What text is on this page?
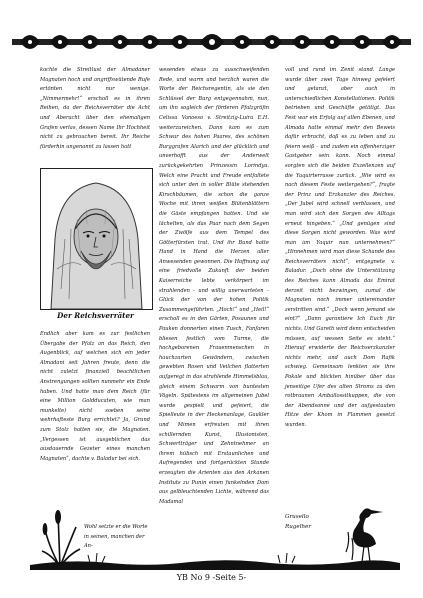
kochte die Streitlust der Almadaner Magnaten hoch und angriffswütende Rufe ertönten nicht nur wenige. „Nimmermehr!“ erscholl es in ihren Reihen, da der Reichsverräter die Acht und Aberacht über den ehemaligen Grafen verlas, dessen Name Ihr Hochheit nicht zu gebrauchen bereit. Ihr Reiche fürderhin ungenannt zu lassen hatt

Der Reichsverräter

Endlich aber kam es zur festlichen Übergabe der Pfalz an das Reich, den Augenblick, auf welchen sich ein jeder Almadani seit Jahren freute, denn die nicht zuletzt finanziell beachtlichen Anstrengungen sollten nunmehr ein Ende haben. Und hatte man dem Reich (für eine Million Goldducaten, wie man munkelte) nicht soeben seine wehrhafteste Burg errichtet? Ja, Grund zum Stolz hatten sie, die Magnaten. „Vergessen ist ausgeblichen das ausdauernde Gezeter eines manchen Magnaten“, dachte v. Baladur bei sich.

Wohl setzte er die Worte in seinen, manchen der An-

wesenden etwas zu ausschweifenden Rede, und warm und herzlich waren die Worte der Reichsregentin, als sie den Schlüssel der Burg entgegennahm, nun, um ihn sogleich der förderen Pfalzgräfin Celissa Vanoeso v. Streitzig-Luira E.H. weiterzureichen. Dann kam es zum Schwur des hohen Paares, des schönen Burggrafen Alarich und der glücklich und unverhofft aus der Anderwelt zurückgekehrten Prinzessin Lorindya. Welch eine Pracht und Freude entfaltete sich unter den in voller Blüte stehenden Kirschbäumen, die schon die ganze Woche mit ihren weißen Blütenblättern die Gäste empfangen hatten. Und sie lächelten, als das Paar nach dem Segen der Zwölfe aus dem Tempel des Götterfürsten trat. Und ihr Bund hatte Hand in Hand die Herzen aller Anwesenden gewonnen. Die Hoffnung auf eine friedvolle Zukunft der beiden Kaiserreiche lebte verkörpert im strahlenden – und willig unerwarteten – Glück der von der hohen Politik Zusammengeführten. „Hoch!“ und „Heil!“ erscholl es in den Gärten, Posaunen und Pauken donnerten einen Tusch, Fanfaren bliesen festlich vom Turme, die hochgeborenen Frauenmenschen in hauchzarten Gewändern, zwischen gewebten Rosen und Veilchen flatterten aufgeregt in das strahlende Himmelsblau, gleich einem Schwarm von buntesten Vögeln. Spätestens im allgemeinen Jubel wurde gespielt und gefeiert, die Spielleute in der Heckenanlage, Gaukler und Mimen erfreuten mit ihren schillernden Kunst, Illusionisten, Schwertträger und Zehntnehmer an ihrem hübsch mit Erstaunlichen und Aufregenden und fortgerückten Stunde erzeugten die Arienten aus den Arkanen Instituts zu Punin einen funkelnden Dom aus gelbleuchtenden Lichte, während das Madamal

voll und rund im Zenit stand. Lange wurde über zwei Tage hinweg gefeiert und getanzt, aber auch in unterschiedlichen Konstellationen. Politik betrieben und Geschäfte getätigt. Das Fest war ein Erfolg auf allen Ebenen, und Almada hatte einmal mehr den Beweis dafür erbracht, daß es zu leben und zu feiern weiß – und zudem ein offenherziger Gastgeber sein kann. Noch einmal sorgten sich die beiden Exzellenzen auf die Yaquirterrasse zurück. „Wie wird es nach diesem Feste weitergehen?“, fragte der Prinz und Erzkanzler des Reiches. „Der Jubel wird schnell verblassen, und man wird sich den Sorgen des Alltags erneut hingeben.“ „Und genügen sind diese Sorgen nicht geworden. Was wird man am Yaquir nun unternehmen?“ „Hinnehmen wird man diese Schande des Reichsverräters nicht“, entgegnete v. Baladur. „Doch ohne die Unterstützung des Reiches kann Almada das Emirat derzeit nicht bezwingen, zumal die Magnaten noch immer untereinander zerstritten sind.“ „Doch wenn jemand sie eint?“ „Dann garantiere Ich Euch für nichts. Und Gareth wird denn entscheiden müssen, auf wessen Seite es steht.“ Hierauf erwiderte der Reichserzkanzler nichts mehr, und auch Dom Rafik schwieg. Gemeinsam lenkten sie ihre Pokale und blickten hinüber über das jenseitige Ufer des alten Stroms zu den rotbraunen Amballossitkuppen, die von der Abendsonne und der aufgestauten Hitze der Khom in Flammen gesetzt wurden.

Grusello
Rugelher
YB No 9 -Seite 5-
